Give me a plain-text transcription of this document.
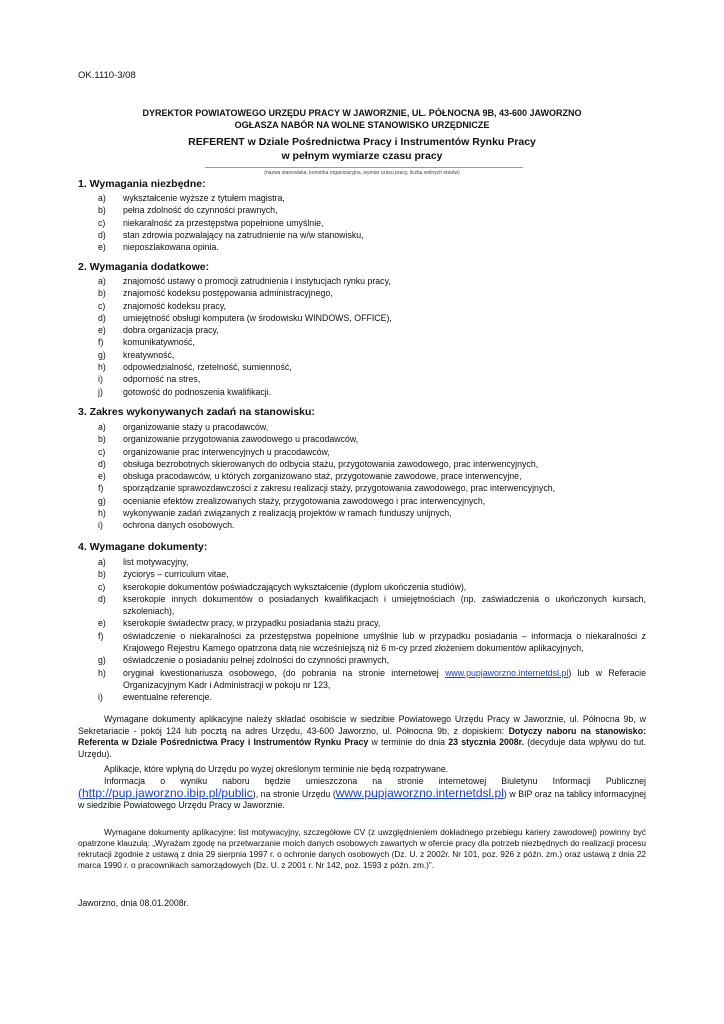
OK.1110-3/08
DYREKTOR POWIATOWEGO URZĘDU PRACY W JAWORZNIE, UL. PÓŁNOCNA 9B, 43-600 JAWORZNO
OGŁASZA NABÓR NA WOLNE STANOWISKO URZĘDNICZE
REFERENT w Dziale Pośrednictwa Pracy i Instrumentów Rynku Pracy
w pełnym wymiarze czasu pracy
(nazwa stanowiska, komórka organizacyjna, wymiar czasu pracy, liczba wolnych etatów)
1. Wymagania niezbędne:
a) wykształcenie wyższe z tytułem magistra,
b) pełna zdolność do czynności prawnych,
c) niekaralność za przestępstwa popełnione umyślnie,
d) stan zdrowia pozwalający na zatrudnienie na w/w stanowisku,
e) nieposzlakowana opinia.
2. Wymagania dodatkowe:
a) znajomość ustawy o promocji zatrudnienia i instytucjach rynku pracy,
b) znajomość kodeksu postępowania administracyjnego,
c) znajomość kodeksu pracy,
d) umiejętność obsługi komputera (w środowisku WINDOWS, OFFICE),
e) dobra organizacja pracy,
f) komunikatywność,
g) kreatywność,
h) odpowiedzialność, rzetelność, sumienność,
i) odporność na stres,
j) gotowość do podnoszenia kwalifikacji.
3. Zakres wykonywanych zadań na stanowisku:
a) organizowanie staży u pracodawców,
b) organizowanie przygotowania zawodowego u pracodawców,
c) organizowanie prac interwencyjnych u pracodawców,
d) obsługa bezrobotnych skierowanych do odbycia stażu, przygotowania zawodowego, prac interwencyjnych,
e) obsługa pracodawców, u których zorganizowano staż, przygotowanie zawodowe, prace interwencyjne,
f) sporządzanie sprawozdawczości z zakresu realizacji staży, przygotowania zawodowego, prac interwencyjnych,
g) ocenianie efektów zrealizowanych staży, przygotowania zawodowego i prac interwencyjnych,
h) wykonywanie zadań związanych z realizacją projektów w ramach funduszy unijnych,
i) ochrona danych osobowych.
4. Wymagane dokumenty:
a) list motywacyjny,
b) życiorys – curriculum vitae,
c) kserokopie dokumentów poświadczających wykształcenie (dyplom ukończenia studiów),
d) kserokopie innych dokumentów o posiadanych kwalifikacjach i umiejętnościach (np. zaświadczenia o ukończonych kursach, szkoleniach),
e) kserokopie świadectw pracy, w przypadku posiadania stażu pracy,
f) oświadczenie o niekaralności za przestępstwa popełnione umyślnie lub w przypadku posiadania – informacja o niekaralności z Krajowego Rejestru Karnego opatrzona datą nie wcześniejszą niż 6 m-cy przed złożeniem dokumentów aplikacyjnych,
g) oświadczenie o posiadaniu pełnej zdolności do czynności prawnych,
h) oryginał kwestionariusza osobowego, (do pobrania na stronie internetowej www.pupjaworzno.internetdsl.pl) lub w Referacie Organizacyjnym Kadr i Administracji w pokoju nr 123,
i) ewentualne referencje.
Wymagane dokumenty aplikacyjne należy składać osobiście w siedzibie Powiatowego Urzędu Pracy w Jaworznie, ul. Północna 9b, w Sekretariacie - pokój 124 lub pocztą na adres Urzędu, 43-600 Jaworzno, ul. Północna 9b, z dopiskiem: Dotyczy naboru na stanowisko: Referenta w Dziale Pośrednictwa Pracy i Instrumentów Rynku Pracy w terminie do dnia 23 stycznia 2008r. (decyduje data wpływu do tut. Urzędu).
Aplikacje, które wpłyną do Urzędu po wyżej określonym terminie nie będą rozpatrywane.
Informacja o wyniku naboru będzie umieszczona na stronie internetowej Biuletynu Informacji Publicznej (http://pup.jaworzno.ibip.pl/public), na stronie Urzędu (www.pupjaworzno.internetdsl.pl) w BIP oraz na tablicy informacyjnej w siedzibie Powiatowego Urzędu Pracy w Jaworznie.
Wymagane dokumenty aplikacyjne: list motywacyjny, szczegółowe CV (z uwzględnieniem dokładnego przebiegu kariery zawodowej) powinny być opatrzone klauzulą: „Wyrażam zgodę na przetwarzanie moich danych osobowych zawartych w ofercie pracy dla potrzeb niezbędnych do realizacji procesu rekrutacji zgodnie z ustawą z dnia 29 sierpnia 1997 r. o ochronie danych osobowych (Dz. U. z 2002r. Nr 101, poz. 926 z późn. zm.) oraz ustawą z dnia 22 marca 1990 r. o pracownikach samorządowych (Dz. U. z 2001 r. Nr 142, poz. 1593 z późn. zm.)”.
Jaworzno, dnia 08.01.2008r.
